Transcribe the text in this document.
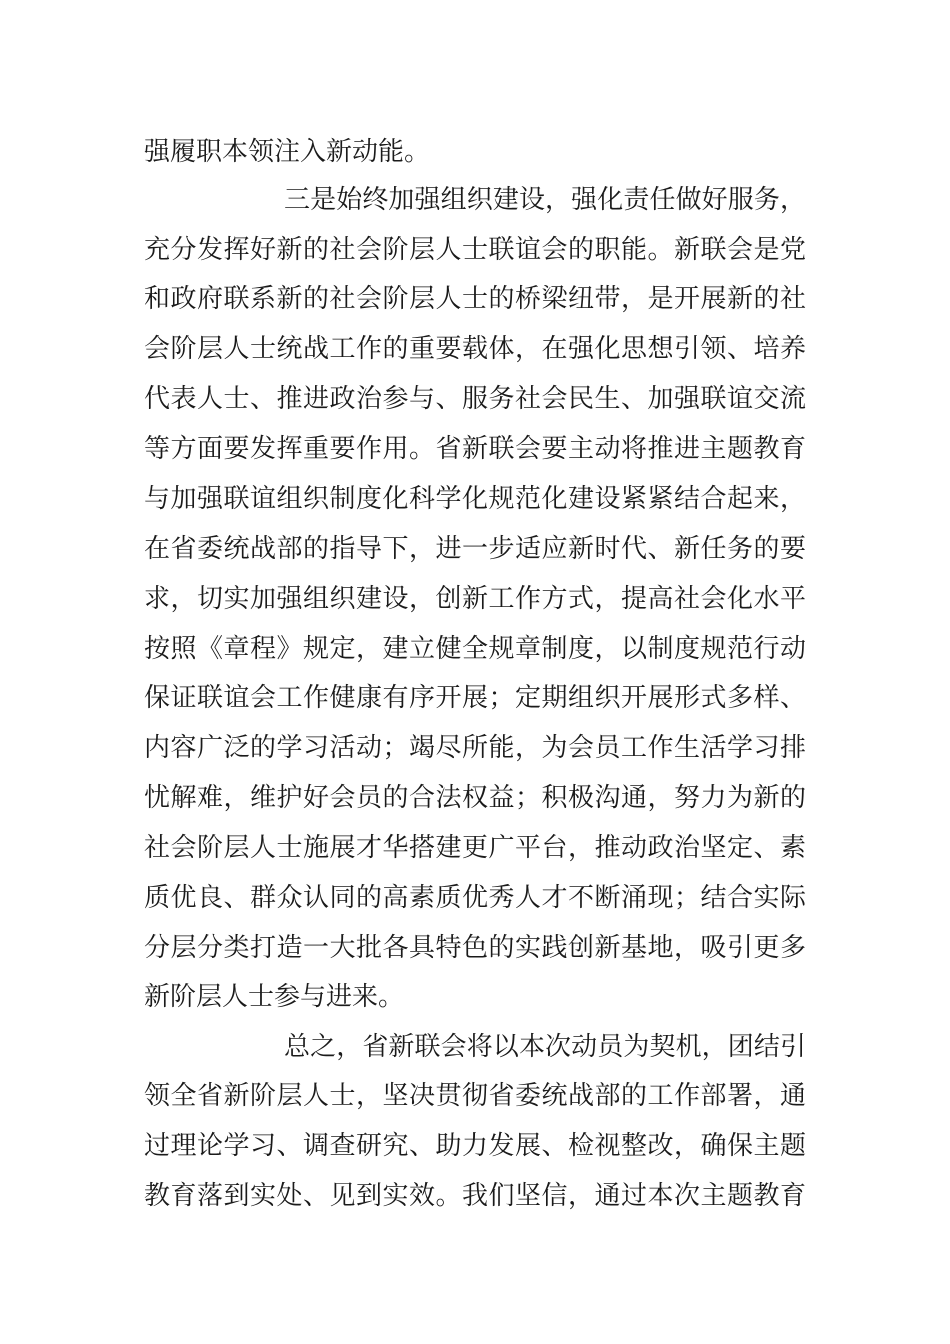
强履职本领注入新动能。
三是始终加强组织建设，强化责任做好服务，
充分发挥好新的社会阶层人士联谊会的职能。新联会是党
和政府联系新的社会阶层人士的桥梁纽带，是开展新的社
会阶层人士统战工作的重要载体，在强化思想引领、培养
代表人士、推进政治参与、服务社会民生、加强联谊交流
等方面要发挥重要作用。省新联会要主动将推进主题教育
与加强联谊组织制度化科学化规范化建设紧紧结合起来，
在省委统战部的指导下，进一步适应新时代、新任务的要
求，切实加强组织建设，创新工作方式，提高社会化水平
按照《章程》规定，建立健全规章制度，以制度规范行动
保证联谊会工作健康有序开展；定期组织开展形式多样、
内容广泛的学习活动；竭尽所能，为会员工作生活学习排
忧解难，维护好会员的合法权益；积极沟通，努力为新的
社会阶层人士施展才华搭建更广平台，推动政治坚定、素
质优良、群众认同的高素质优秀人才不断涌现；结合实际
分层分类打造一大批各具特色的实践创新基地，吸引更多
新阶层人士参与进来。
总之，省新联会将以本次动员为契机，团结引
领全省新阶层人士，坚决贯彻省委统战部的工作部署，通
过理论学习、调查研究、助力发展、检视整改，确保主题
教育落到实处、见到实效。我们坚信，通过本次主题教育
